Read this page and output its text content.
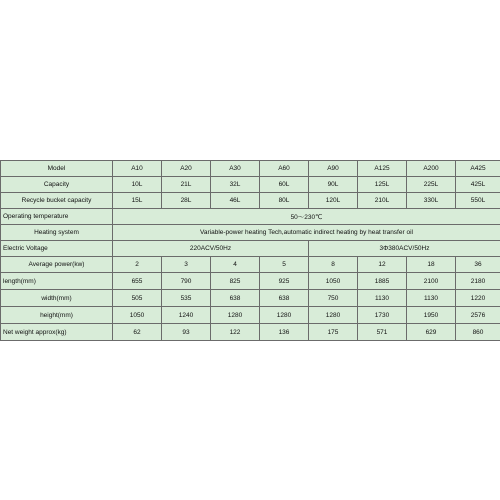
Model	A10	A20	A30	A60	A90	A125	A200	A425
Capacity	10L	21L	32L	60L	90L	125L	225L	425L
Recycle bucket capacity	15L	28L	46L	80L	120L	210L	330L	550L
Operating temperature	50～230℃							
Heating system	Variable-power heating Tech,automatic indirect heating by heat transfer oil							
Electric Voltage	220ACV/50Hz				3Φ380ACV/50Hz			
Average power(kw)	2	3	4	5	8	12	18	36
length(mm)	655	790	825	925	1050	1885	2100	2180
width(mm)	505	535	638	638	750	1130	1130	1220
height(mm)	1050	1240	1280	1280	1280	1730	1950	2576
Net weight approx(kg)	62	93	122	136	175	571	629	860
